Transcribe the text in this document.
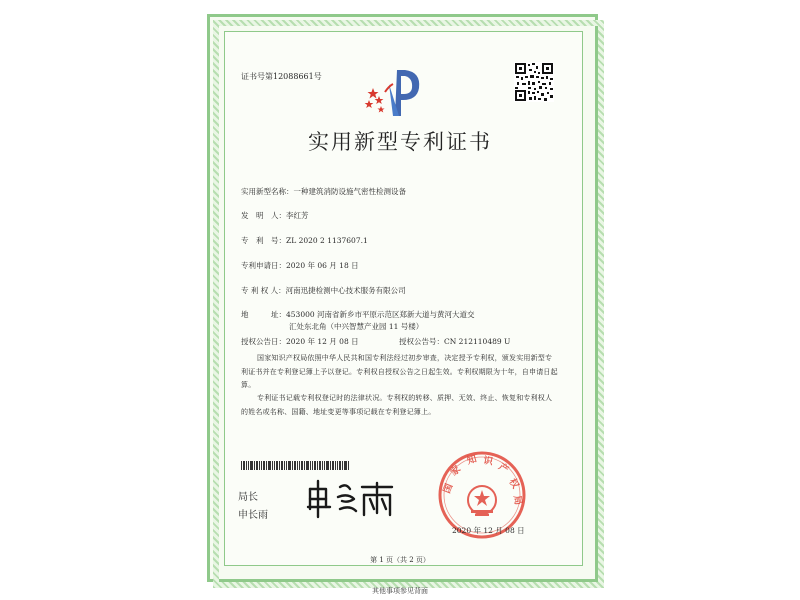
证书号第12088661号
实用新型专利证书
实用新型名称：一种建筑消防设施气密性检测设备
发　明　人：李红芳
专　利　号：ZL 2020 2 1137607.1
专利申请日：2020 年 06 月 18 日
专 利 权 人：河南迅捷检测中心技术服务有限公司
地　　　址：453000 河南省新乡市平原示范区郑新大道与黄河大道交
汇处东北角（中兴智慧产业园 11 号楼）
授权公告日：2020 年 12 月 08 日	授权公告号：CN 212110489 U
国家知识产权局依照中华人民共和国专利法经过初步审查，决定授予专利权，颁发实用新型专利证书并在专利登记簿上予以登记。专利权自授权公告之日起生效。专利权期限为十年，自申请日起算。
专利证书记载专利权登记时的法律状况。专利权的转移、质押、无效、终止、恢复和专利权人的姓名或名称、国籍、地址变更等事项记载在专利登记簿上。
局长
申长雨
国
家
知 识
产
权
局
2020 年 12 月 08 日
第 1 页（共 2 页）
其他事项参见背面
